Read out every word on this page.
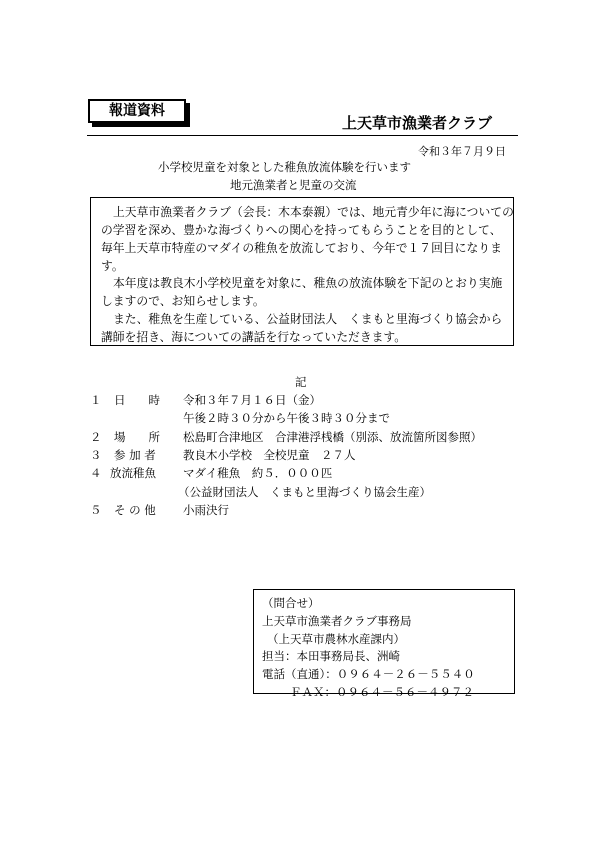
報道資料
上天草市漁業者クラブ
令和３年７月９日
小学校児童を対象とした稚魚放流体験を行います
地元漁業者と児童の交流
上天草市漁業者クラブ（会長：木本泰親）では、地元青少年に海についての
の学習を深め、豊かな海づくりへの関心を持ってもらうことを目的として、
毎年上天草市特産のマダイの稚魚を放流しており、今年で１７回目になりま
す。
本年度は教良木小学校児童を対象に、稚魚の放流体験を下記のとおり実施
しますので、お知らせします。
また、稚魚を生産している、公益財団法人　くまもと里海づくり協会から
講師を招き、海についての講話を行なっていただきます。
記
１ 日　　時 令和３年７月１６日（金）
午後２時３０分から午後３時３０分まで
２ 場　　所 松島町合津地区　合津港浮桟橋（別添、放流箇所図参照）
３ 参 加 者 教良木小学校　全校児童　２７人
４ 放流稚魚 マダイ稚魚　約５．０００匹
（公益財団法人　くまもと里海づくり協会生産）
５ そ の 他 小雨決行
（問合せ）
上天草市漁業者クラブ事務局
（上天草市農林水産課内）
担当：本田事務局長、洲崎
電話（直通）：０９６４－２６－５５４０
ＦＡＸ：０９６４－５６－４９７２
